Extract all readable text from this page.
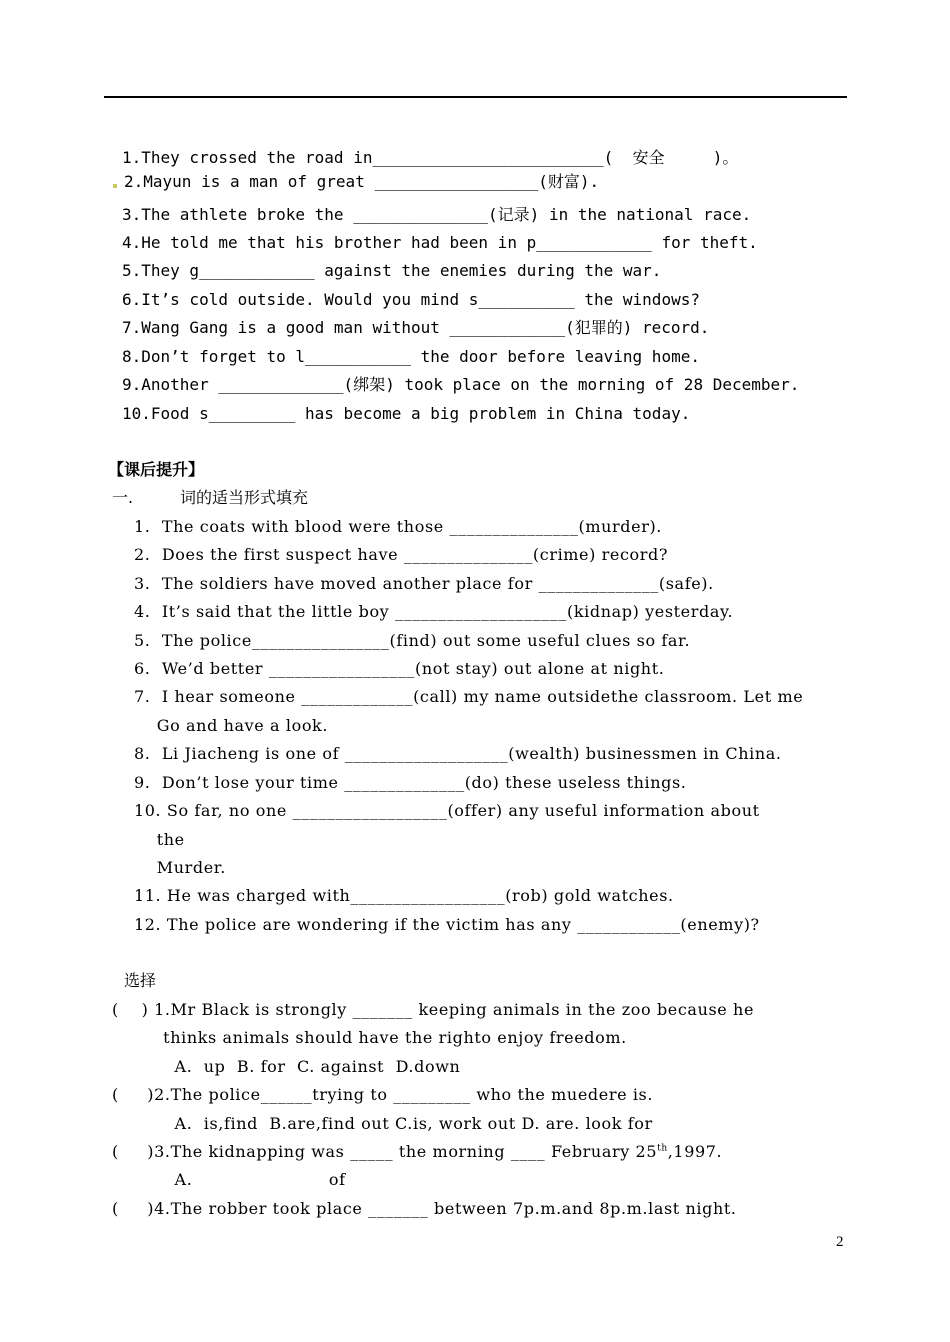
1.They crossed the road in________________________(  安全     )。
2.Mayun is a man of great _________________(财富).
3.The athlete broke the ______________(记录) in the national race.
4.He told me that his brother had been in p____________ for theft.
5.They g____________ against the enemies during the war.
6.It’s cold outside. Would you mind s__________ the windows?
7.Wang Gang is a good man without ____________(犯罪的) record.
8.Don’t forget to l___________ the door before leaving home.
9.Another _____________(绑架) took place on the morning of 28 December.
10.Food s_________ has become a big problem in China today.
【课后提升】
一.	词的适当形式填充
1.  The coats with blood were those _______________(murder).
2.  Does the first suspect have _______________(crime) record?
3.  The soldiers have moved another place for ______________(safe).
4.  It’s said that the little boy ____________________(kidnap) yesterday.
5.  The police________________(find) out some useful clues so far.
6.  We’d better _________________(not stay) out alone at night.
7.  I hear someone _____________(call) my name outsidethe classroom. Let me
Go and have a look.
8.  Li Jiacheng is one of ___________________(wealth) businessmen in China.
9.  Don’t lose your time ______________(do) these useless things.
10. So far, no one __________________(offer) any useful information about
the
Murder.
11. He was charged with__________________(rob) gold watches.
12. The police are wondering if the victim has any ____________(enemy)?
选择
(    ) 1.Mr Black is strongly _______ keeping animals in the zoo because he
thinks animals should have the righto enjoy freedom.
A.  up  B. for  C. against  D.down
(     )2.The police______trying to _________ who the muedere is.
A.  is,find  B.are,find out C.is, work out D. are. look for
(     )3.The kidnapping was _____ the morning ____ February 25th,1997.
A.                        of
(     )4.The robber took place _______ between 7p.m.and 8p.m.last night.
2
